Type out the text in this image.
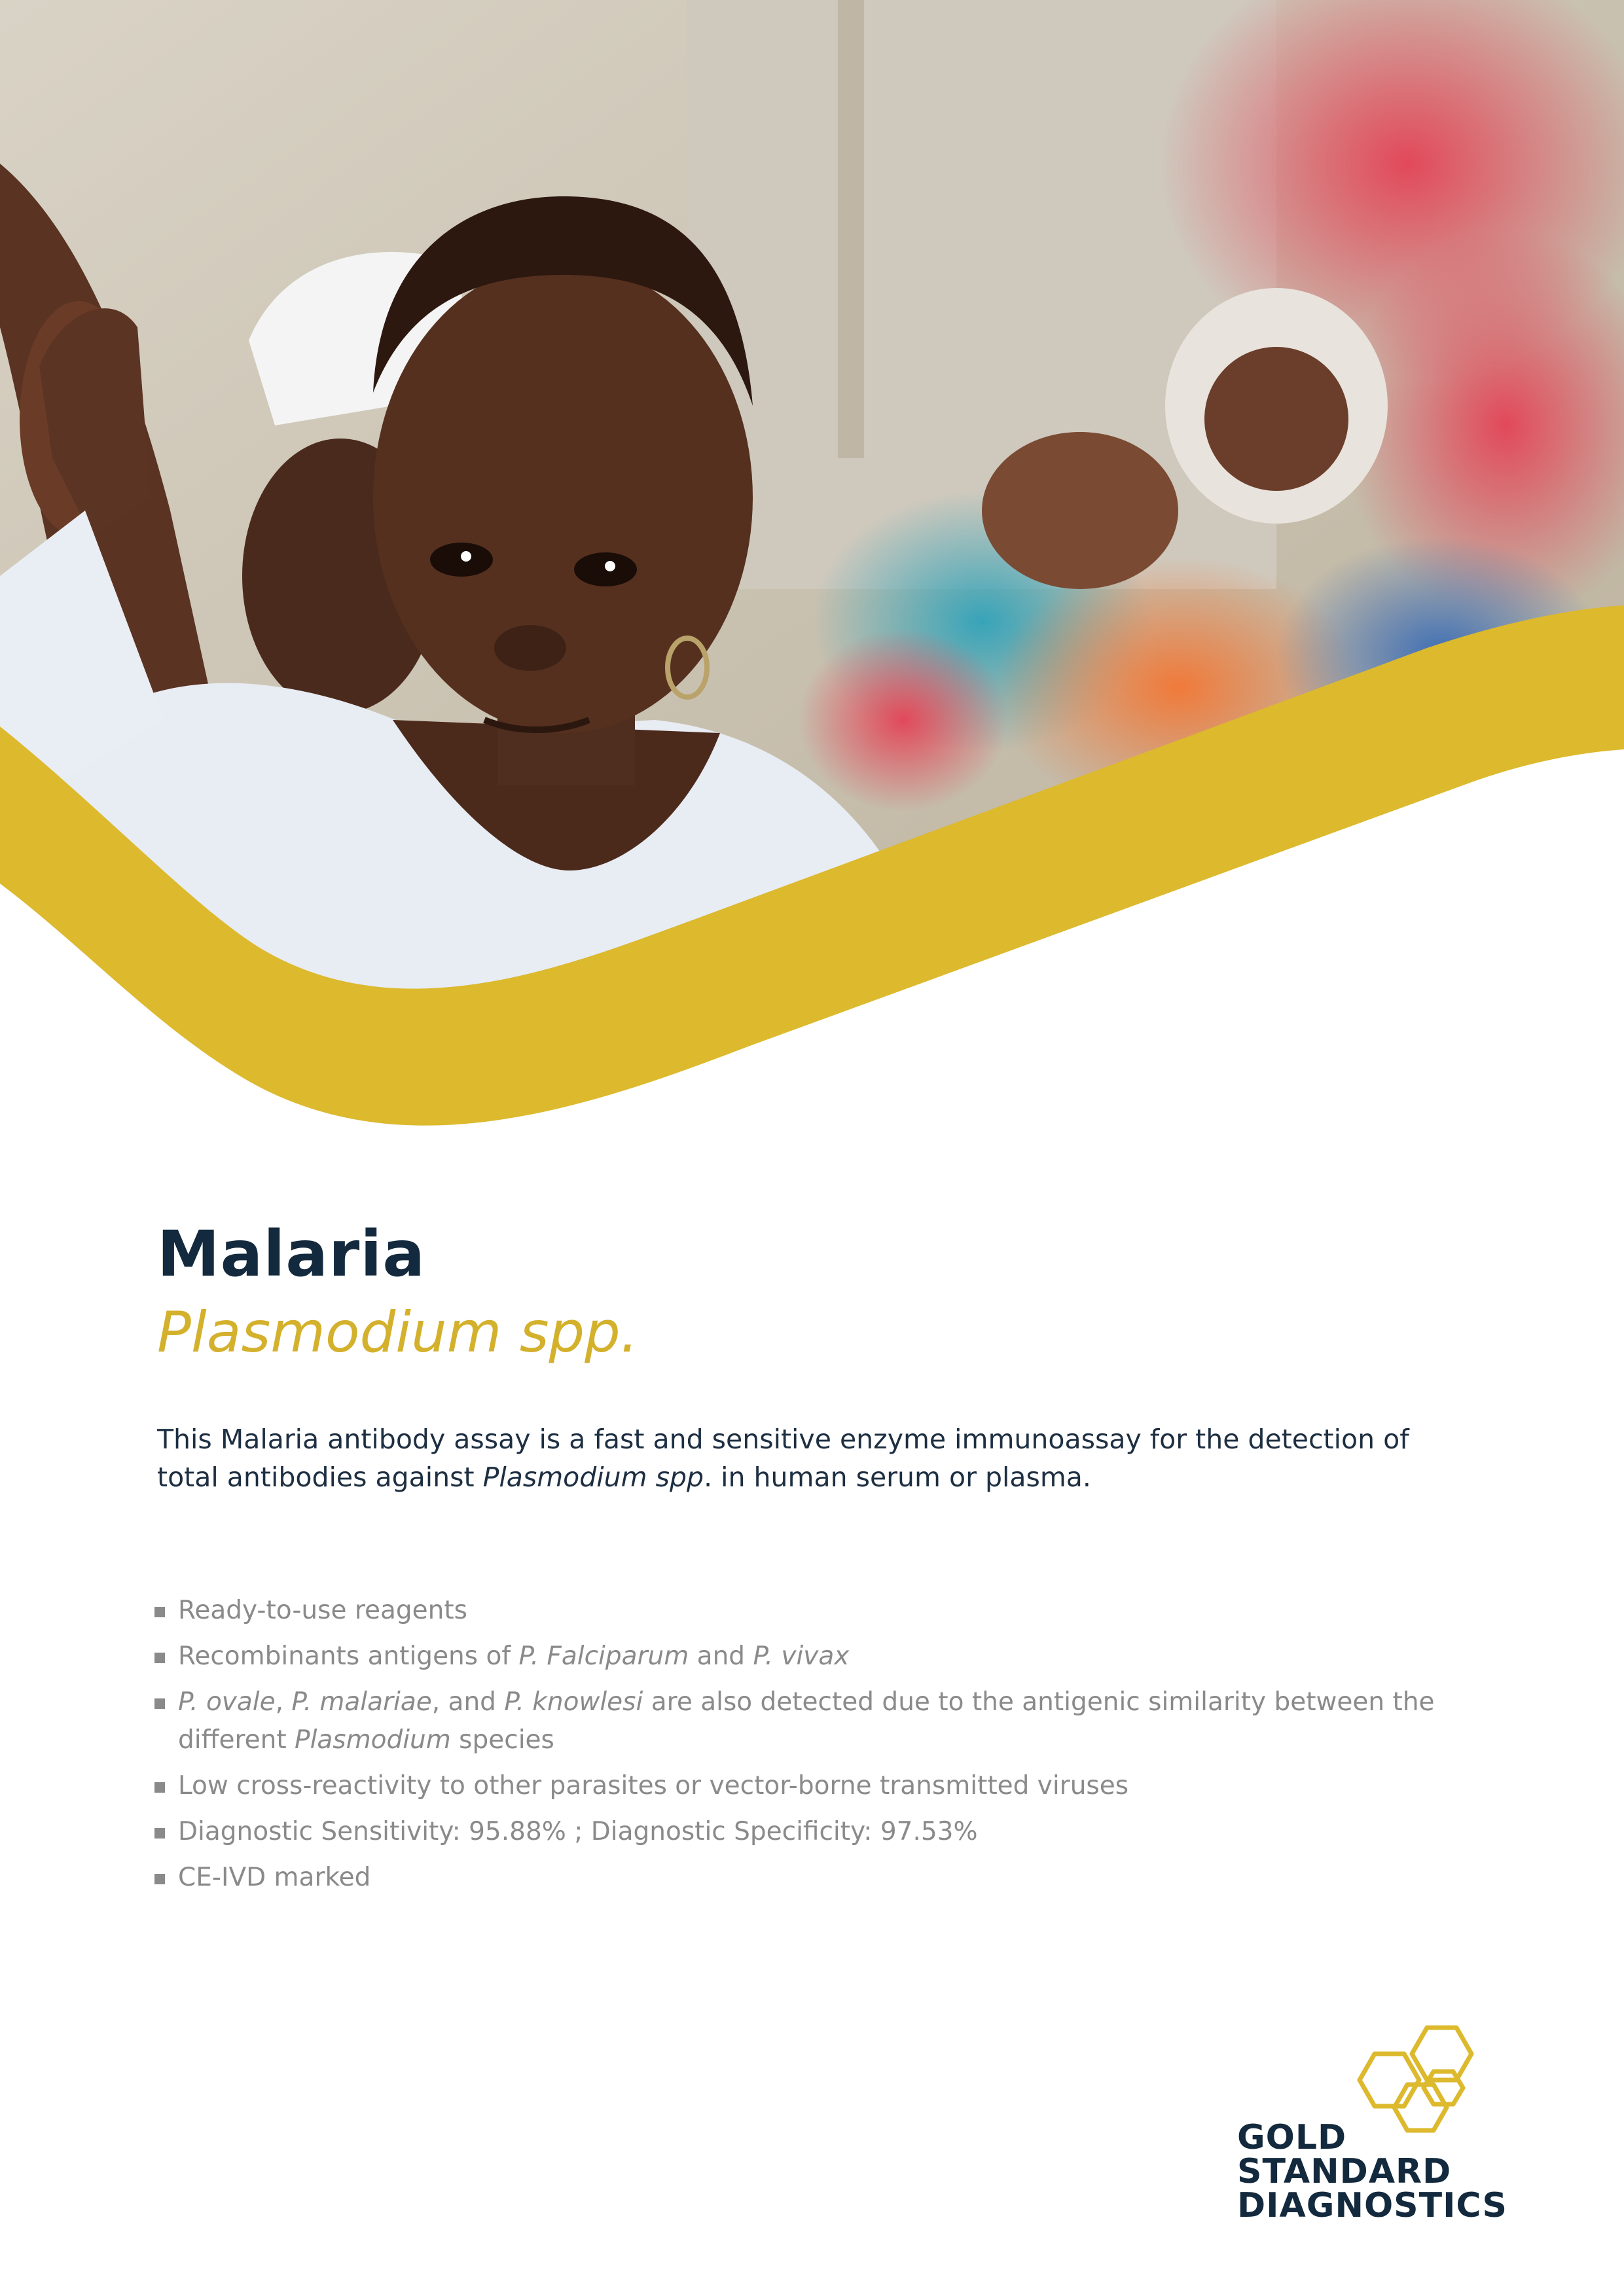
Malaria
Plasmodium spp.

This Malaria antibody assay is a fast and sensitive enzyme immunoassay for the detection of total antibodies against Plasmodium spp. in human serum or plasma.

Ready-to-use reagents
Recombinants antigens of P. Falciparum and P. vivax
P. ovale, P. malariae, and P. knowlesi are also detected due to the antigenic similarity between the different Plasmodium species
Low cross-reactivity to other parasites or vector-borne transmitted viruses
Diagnostic Sensitivity: 95.88% ; Diagnostic Specificity: 97.53%
CE-IVD marked
GOLD
STANDARD
DIAGNOSTICS
